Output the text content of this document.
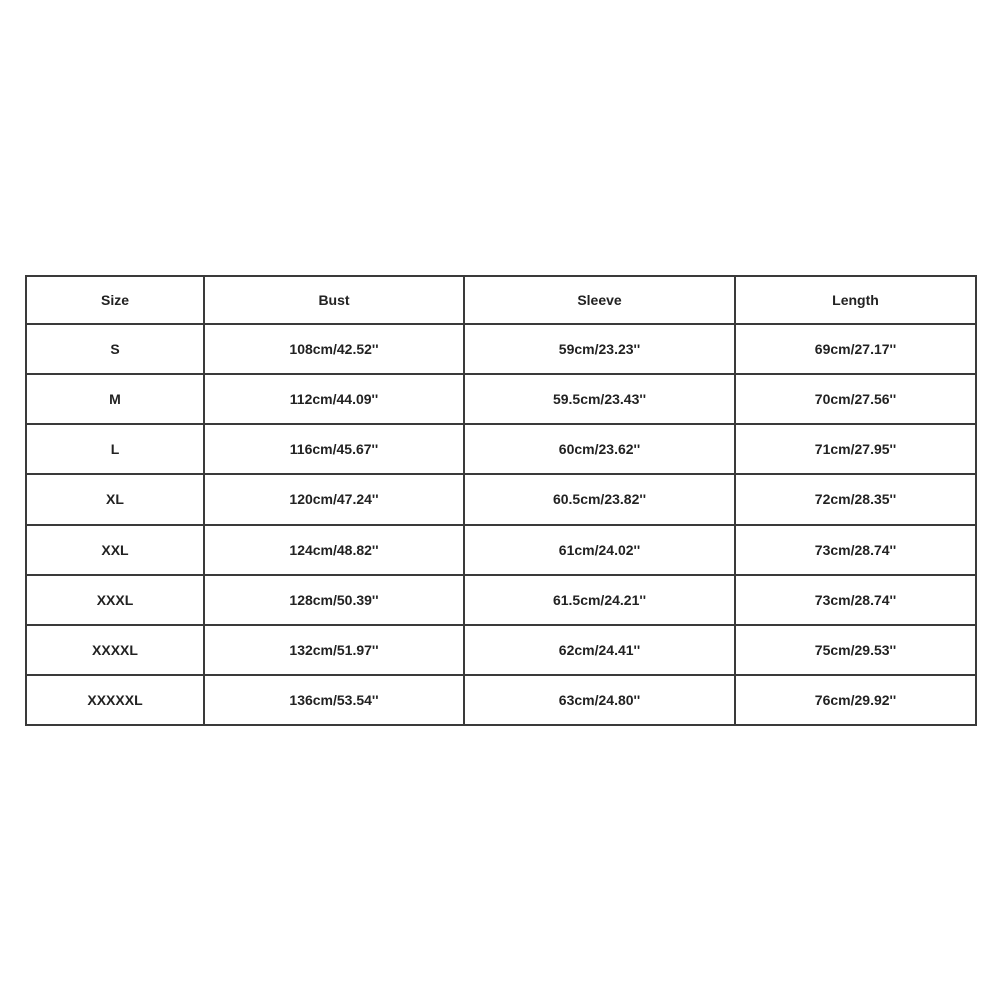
Size	Bust	Sleeve	Length
S	108cm/42.52''	59cm/23.23''	69cm/27.17''
M	112cm/44.09''	59.5cm/23.43''	70cm/27.56''
L	116cm/45.67''	60cm/23.62''	71cm/27.95''
XL	120cm/47.24''	60.5cm/23.82''	72cm/28.35''
XXL	124cm/48.82''	61cm/24.02''	73cm/28.74''
XXXL	128cm/50.39''	61.5cm/24.21''	73cm/28.74''
XXXXL	132cm/51.97''	62cm/24.41''	75cm/29.53''
XXXXXL	136cm/53.54''	63cm/24.80''	76cm/29.92''
